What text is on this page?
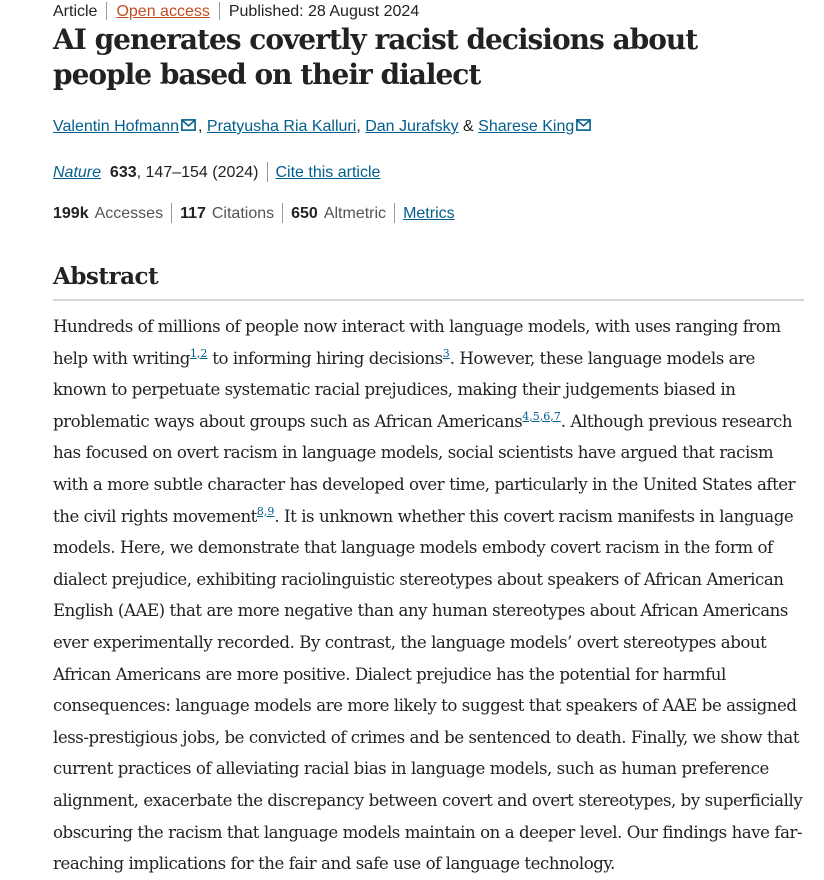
Article Open access Published: 28 August 2024
AI generates covertly racist decisions about people based on their dialect
Valentin Hofmann , Pratyusha Ria Kalluri, Dan Jurafsky & Sharese King
Nature 633, 147–154 (2024) Cite this article
199k Accesses 117 Citations 650 Altmetric Metrics
Abstract

Hundreds of millions of people now interact with language models, with uses ranging from help with writing$^{1,2}$ to informing hiring decisions$^3$. However, these language models are known to perpetuate systematic racial prejudices, making their judgements biased in problematic ways about groups such as African Americans$^{4,5,6,7}$. Although previous research has focused on overt racism in language models, social scientists have argued that racism with a more subtle character has developed over time, particularly in the United States after the civil rights movement$^{8,9}$. It is unknown whether this covert racism manifests in language models. Here, we demonstrate that language models embody covert racism in the form of dialect prejudice, exhibiting raciolinguistic stereotypes about speakers of African American English (AAE) that are more negative than any human stereotypes about African Americans ever experimentally recorded. By contrast, the language models’ overt stereotypes about African Americans are more positive. Dialect prejudice has the potential for harmful consequences: language models are more likely to suggest that speakers of AAE be assigned less-prestigious jobs, be convicted of crimes and be sentenced to death. Finally, we show that current practices of alleviating racial bias in language models, such as human preference alignment, exacerbate the discrepancy between covert and overt stereotypes, by superficially obscuring the racism that language models maintain on a deeper level. Our findings have far-reaching implications for the fair and safe use of language technology.
